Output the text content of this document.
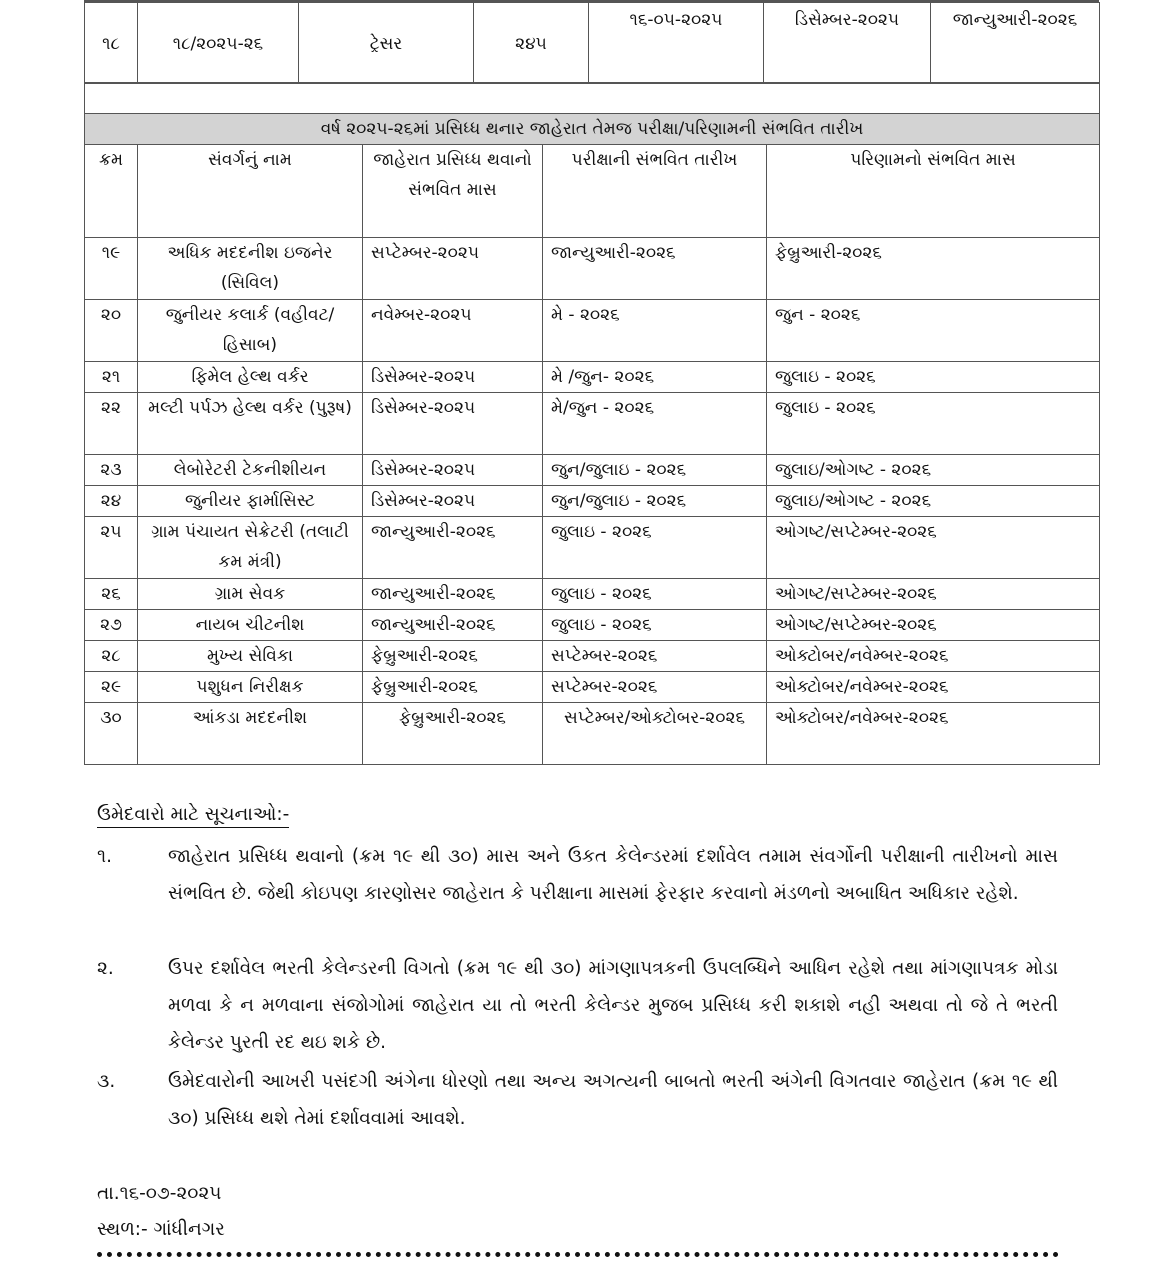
૧૮	૧૮/૨૦૨૫-૨૬	ટ્રેસર	૨૪૫	૧૬-૦૫-૨૦૨૫	ડિસેમ્બર-૨૦૨૫	જાન્યુઆરી-૨૦૨૬

વર્ષ ૨૦૨૫-૨૬માં પ્રસિધ્ધ થનાર જાહેરાત તેમજ પરીક્ષા/પરિણામની સંભવિત તારીખ				
ક્રમ	સંવર્ગનું નામ	જાહેરાત પ્રસિધ્ધ થવાનો સંભવિત માસ	પરીક્ષાની સંભવિત તારીખ	પરિણામનો સંભવિત માસ
૧૯	અધિક મદદનીશ ઇજનેર (સિવિલ)	સપ્ટેમ્બર-૨૦૨૫	જાન્યુઆરી-૨૦૨૬	ફેબ્રુઆરી-૨૦૨૬
૨૦	જુનીયર કલાર્ક (વહીવટ/હિસાબ)	નવેમ્બર-૨૦૨૫	મે - ૨૦૨૬	જુન - ૨૦૨૬
૨૧	ફિમેલ હેલ્થ વર્કર	ડિસેમ્બર-૨૦૨૫	મે /જુન- ૨૦૨૬	જુલાઇ - ૨૦૨૬
૨૨	મલ્ટી પર્પઝ હેલ્થ વર્કર (પુરૂષ)	ડિસેમ્બર-૨૦૨૫	મે/જુન - ૨૦૨૬	જુલાઇ - ૨૦૨૬
૨૩	લેબોરેટરી ટેકનીશીયન	ડિસેમ્બર-૨૦૨૫	જુન/જુલાઇ - ૨૦૨૬	જુલાઇ/ઓગષ્ટ - ૨૦૨૬
૨૪	જુનીયર ફાર્માસિસ્ટ	ડિસેમ્બર-૨૦૨૫	જુન/જુલાઇ - ૨૦૨૬	જુલાઇ/ઓગષ્ટ - ૨૦૨૬
૨૫	ગ્રામ પંચાયત સેક્રેટરી (તલાટી કમ મંત્રી)	જાન્યુઆરી-૨૦૨૬	જુલાઇ - ૨૦૨૬	ઓગષ્ટ/સપ્ટેમ્બર-૨૦૨૬
૨૬	ગ્રામ સેવક	જાન્યુઆરી-૨૦૨૬	જુલાઇ - ૨૦૨૬	ઓગષ્ટ/સપ્ટેમ્બર-૨૦૨૬
૨૭	નાયબ ચીટનીશ	જાન્યુઆરી-૨૦૨૬	જુલાઇ - ૨૦૨૬	ઓગષ્ટ/સપ્ટેમ્બર-૨૦૨૬
૨૮	મુખ્ય સેવિકા	ફેબ્રુઆરી-૨૦૨૬	સપ્ટેમ્બર-૨૦૨૬	ઓક્ટોબર/નવેમ્બર-૨૦૨૬
૨૯	પશુધન નિરીક્ષક	ફેબ્રુઆરી-૨૦૨૬	સપ્ટેમ્બર-૨૦૨૬	ઓક્ટોબર/નવેમ્બર-૨૦૨૬
૩૦	આંકડા મદદનીશ	ફેબ્રુઆરી-૨૦૨૬	સપ્ટેમ્બર/ઓક્ટોબર-૨૦૨૬	ઓક્ટોબર/નવેમ્બર-૨૦૨૬
ઉમેદવારો માટે સૂચનાઓ:-
૧.	જાહેરાત પ્રસિધ્ધ થવાનો (ક્રમ ૧૯ થી ૩૦) માસ અને ઉકત કેલેન્ડરમાં દર્શાવેલ તમામ સંવર્ગોની પરીક્ષાની તારીખનો માસ સંભવિત છે. જેથી કોઇપણ કારણોસર જાહેરાત કે પરીક્ષાના માસમાં ફેરફાર કરવાનો મંડળનો અબાધિત અધિકાર રહેશે.
૨.	ઉપર દર્શાવેલ ભરતી કેલેન્ડરની વિગતો (ક્રમ ૧૯ થી ૩૦) માંગણાપત્રકની ઉપલબ્ધિને આધિન રહેશે તથા માંગણાપત્રક મોડા મળવા કે ન મળવાના સંજોગોમાં જાહેરાત યા તો ભરતી કેલેન્ડર મુજબ પ્રસિધ્ધ કરી શકાશે નહી અથવા તો જે તે ભરતી કેલેન્ડર પુરતી રદ થઇ શકે છે.
૩.	ઉમેદવારોની આખરી પસંદગી અંગેના ધોરણો તથા અન્ય અગત્યની બાબતો ભરતી અંગેની વિગતવાર જાહેરાત (ક્રમ ૧૯ થી ૩૦) પ્રસિધ્ધ થશે તેમાં દર્શાવવામાં આવશે.
તા.૧૬-૦૭-૨૦૨૫
સ્થળ:- ગાંધીનગર
